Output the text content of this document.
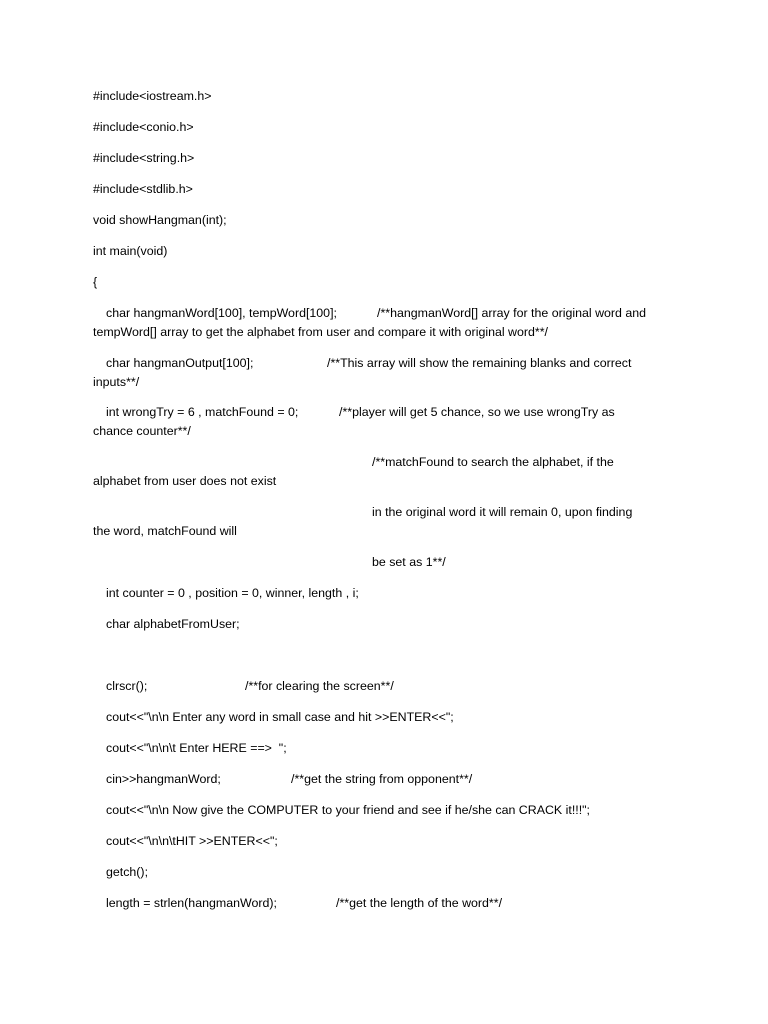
#include<iostream.h>
#include<conio.h>
#include<string.h>
#include<stdlib.h>
void showHangman(int);
int main(void)
{
char hangmanWord[100], tempWord[100];	/**hangmanWord[] array for the original word and
tempWord[] array to get the alphabet from user and compare it with original word**/
char hangmanOutput[100];	/**This array will show the remaining blanks and correct
inputs**/
int wrongTry = 6 , matchFound = 0;	/**player will get 5 chance, so we use wrongTry as
chance counter**/
/**matchFound to search the alphabet, if the
alphabet from user does not exist
in the original word it will remain 0, upon finding
the word, matchFound will
be set as 1**/
int counter = 0 , position = 0, winner, length , i;
char alphabetFromUser;
clrscr();	/**for clearing the screen**/
cout<<"\n\n Enter any word in small case and hit >>ENTER<<";
cout<<"\n\n\t Enter HERE ==>  ";
cin>>hangmanWord;	/**get the string from opponent**/
cout<<"\n\n Now give the COMPUTER to your friend and see if he/she can CRACK it!!!";
cout<<"\n\n\tHIT >>ENTER<<";
getch();
length = strlen(hangmanWord);	/**get the length of the word**/
